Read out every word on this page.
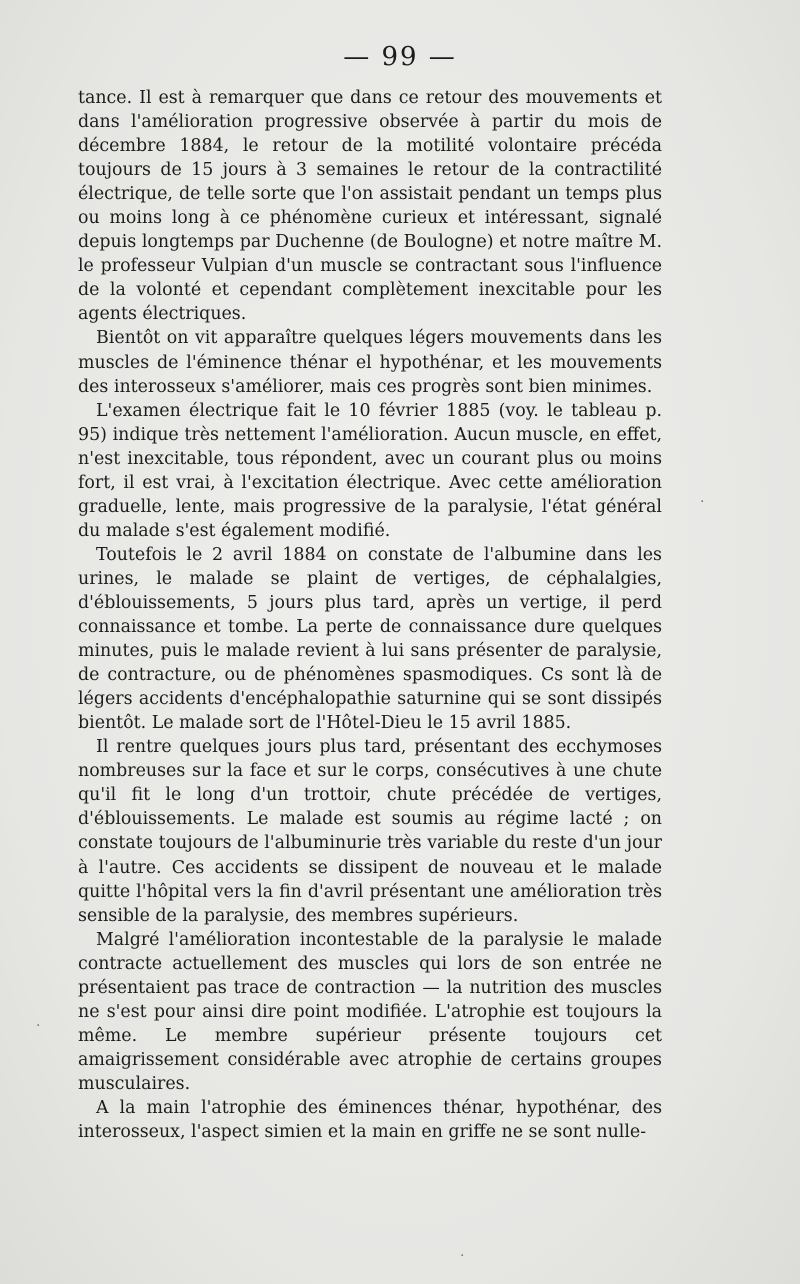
— 99 —

tance. Il est à remarquer que dans ce retour des mouvements et dans l'amélioration progressive observée à partir du mois de décembre 1884, le retour de la motilité volontaire précéda toujours de 15 jours à 3 semaines le retour de la contractilité électrique, de telle sorte que l'on assistait pendant un temps plus ou moins long à ce phénomène curieux et intéressant, signalé depuis longtemps par Duchenne (de Boulogne) et notre maître M. le professeur Vulpian d'un muscle se contractant sous l'influence de la volonté et cependant complètement inexcitable pour les agents électriques.

Bientôt on vit apparaître quelques légers mouvements dans les muscles de l'éminence thénar el hypothénar, et les mouvements des interosseux s'améliorer, mais ces progrès sont bien minimes.

L'examen électrique fait le 10 février 1885 (voy. le tableau p. 95) indique très nettement l'amélioration. Aucun muscle, en effet, n'est inexcitable, tous répondent, avec un courant plus ou moins fort, il est vrai, à l'excitation électrique. Avec cette amélioration graduelle, lente, mais progressive de la paralysie, l'état général du malade s'est également modifié.

Toutefois le 2 avril 1884 on constate de l'albumine dans les urines, le malade se plaint de vertiges, de céphalalgies, d'éblouissements, 5 jours plus tard, après un vertige, il perd connaissance et tombe. La perte de connaissance dure quelques minutes, puis le malade revient à lui sans présenter de paralysie, de contracture, ou de phénomènes spasmodiques. Cs sont là de légers accidents d'encéphalopathie saturnine qui se sont dissipés bientôt. Le malade sort de l'Hôtel-Dieu le 15 avril 1885.

Il rentre quelques jours plus tard, présentant des ecchymoses nombreuses sur la face et sur le corps, consécutives à une chute qu'il fit le long d'un trottoir, chute précédée de vertiges, d'éblouissements. Le malade est soumis au régime lacté ; on constate toujours de l'albuminurie très variable du reste d'un jour à l'autre. Ces accidents se dissipent de nouveau et le malade quitte l'hôpital vers la fin d'avril présentant une amélioration très sensible de la paralysie, des membres supérieurs.

Malgré l'amélioration incontestable de la paralysie le malade contracte actuellement des muscles qui lors de son entrée ne présentaient pas trace de contraction — la nutrition des muscles ne s'est pour ainsi dire point modifiée. L'atrophie est toujours la même. Le membre supérieur présente toujours cet amaigrissement considérable avec atrophie de certains groupes musculaires.

A la main l'atrophie des éminences thénar, hypothénar, des interosseux, l'aspect simien et la main en griffe ne se sont nulle-

·
·
·
